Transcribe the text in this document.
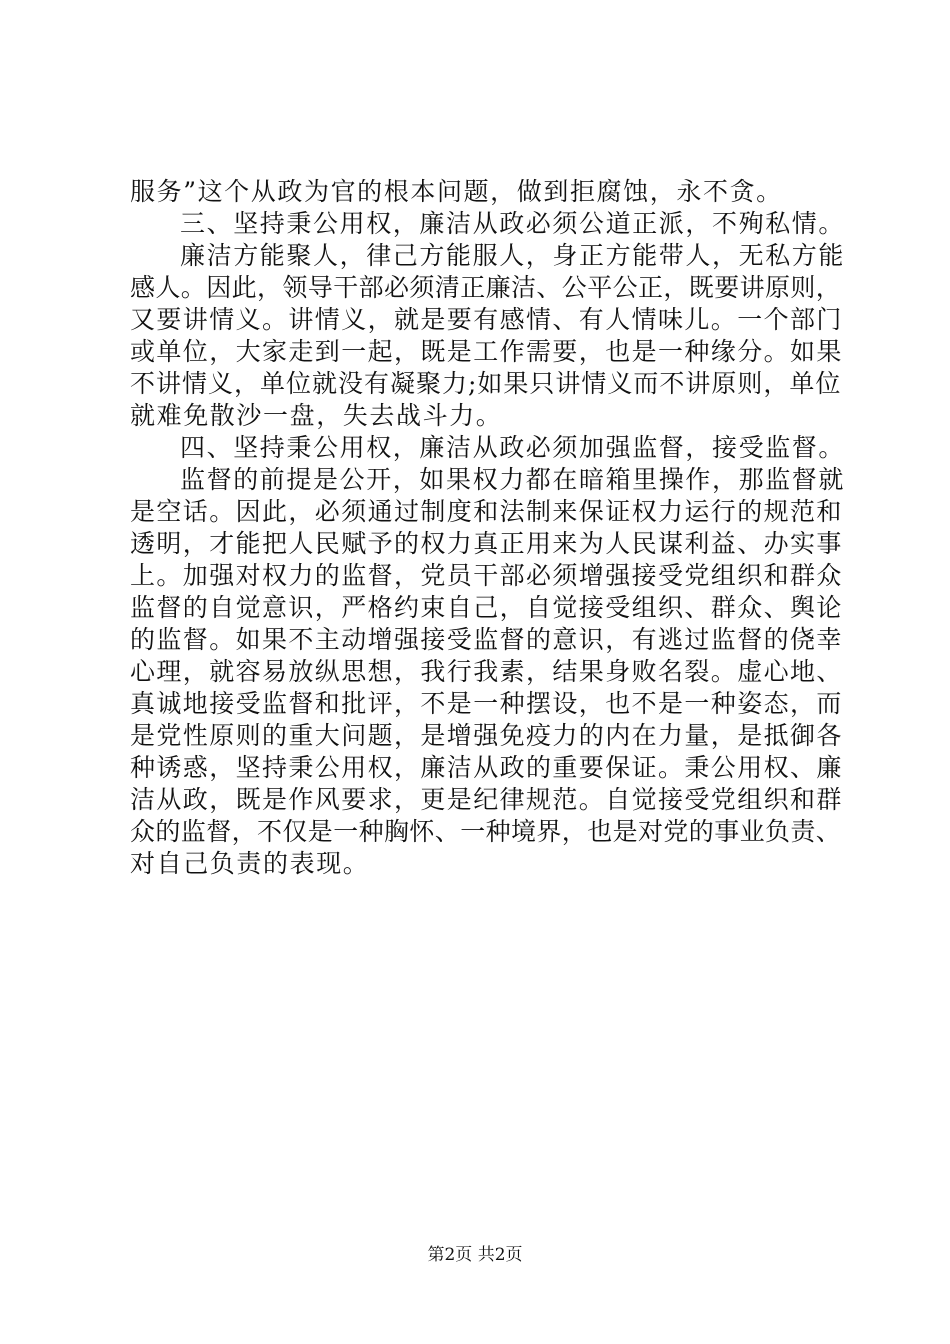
服务”这个从政为官的根本问题，做到拒腐蚀，永不贪。
三、坚持秉公用权，廉洁从政必须公道正派，不殉私情。
廉洁方能聚人，律己方能服人，身正方能带人，无私方能
感人。因此，领导干部必须清正廉洁、公平公正，既要讲原则，
又要讲情义。讲情义，就是要有感情、有人情味儿。一个部门
或单位，大家走到一起，既是工作需要，也是一种缘分。如果
不讲情义，单位就没有凝聚力;如果只讲情义而不讲原则，单位
就难免散沙一盘，失去战斗力。
四、坚持秉公用权，廉洁从政必须加强监督，接受监督。
监督的前提是公开，如果权力都在暗箱里操作，那监督就
是空话。因此，必须通过制度和法制来保证权力运行的规范和
透明，才能把人民赋予的权力真正用来为人民谋利益、办实事
上。加强对权力的监督，党员干部必须增强接受党组织和群众
监督的自觉意识，严格约束自己，自觉接受组织、群众、舆论
的监督。如果不主动增强接受监督的意识，有逃过监督的侥幸
心理，就容易放纵思想，我行我素，结果身败名裂。虚心地、
真诚地接受监督和批评，不是一种摆设，也不是一种姿态，而
是党性原则的重大问题，是增强免疫力的内在力量，是抵御各
种诱惑，坚持秉公用权，廉洁从政的重要保证。秉公用权、廉
洁从政，既是作风要求，更是纪律规范。自觉接受党组织和群
众的监督，不仅是一种胸怀、一种境界，也是对党的事业负责、
对自己负责的表现。
第2页 共2页
